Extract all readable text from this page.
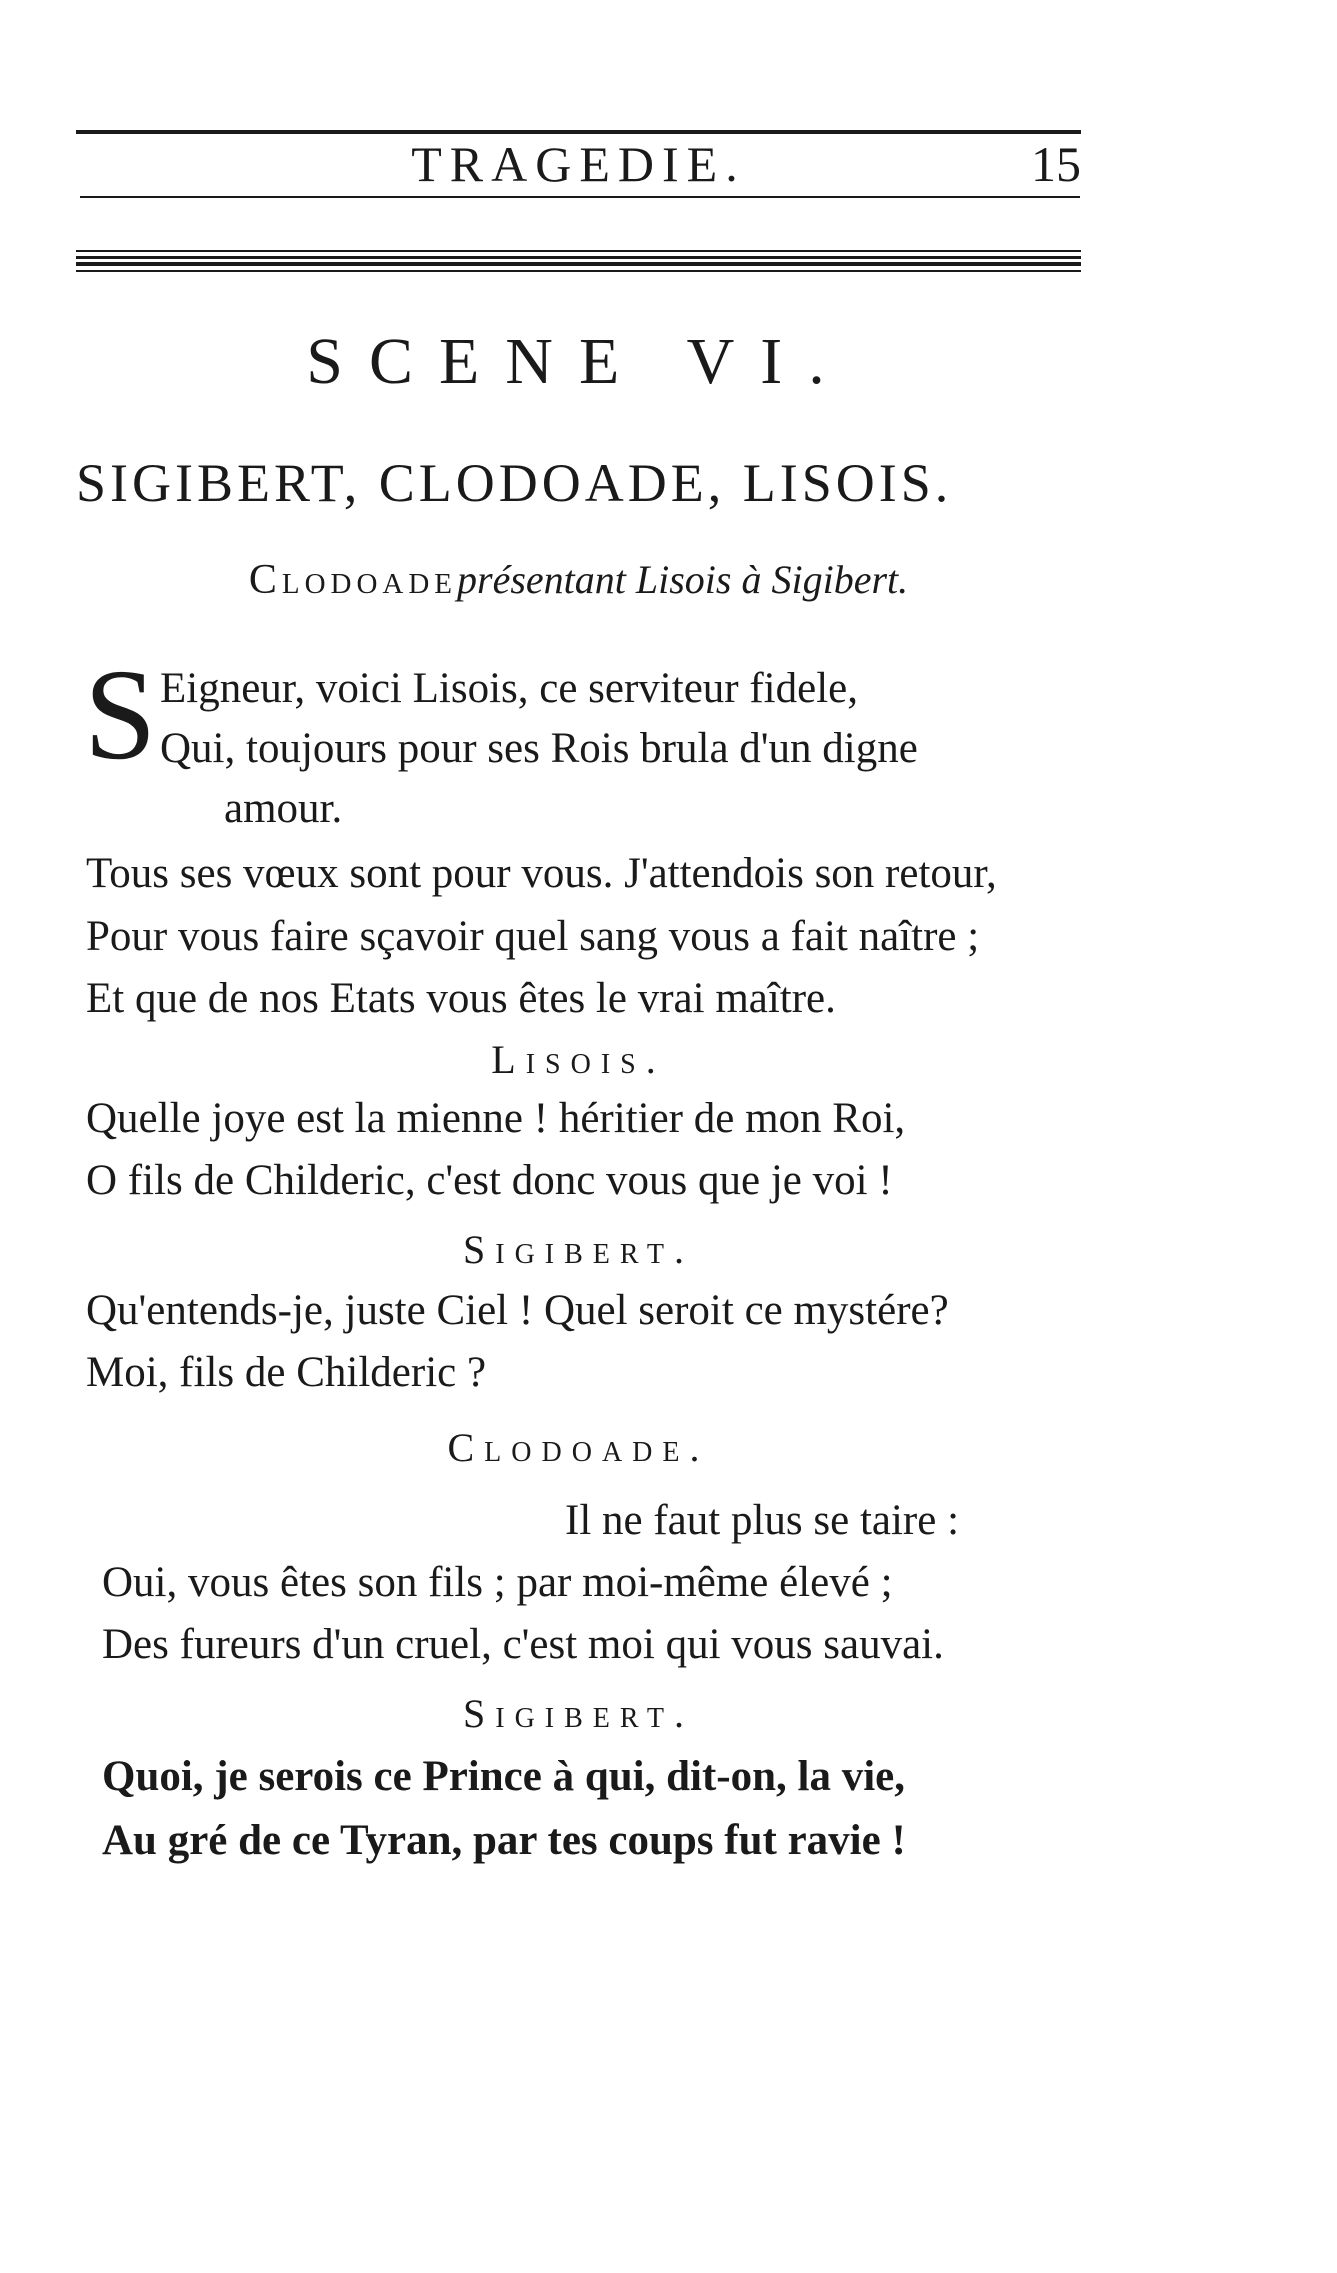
TRAGEDIE.	15
SCENE VI.
SIGIBERT, CLODOADE, LISOIS.
Clodoadeprésentant Lisois à Sigibert.
S Eigneur, voici Lisois, ce serviteur fidele,
Qui, toujours pour ses Rois brula d'un digne
amour.
Tous ses vœux sont pour vous. J'attendois son retour,
Pour vous faire sçavoir quel sang vous a fait naître ;
Et que de nos Etats vous êtes le vrai maître.
Lisois.
Quelle joye est la mienne ! héritier de mon Roi,
O fils de Childeric, c'est donc vous que je voi !
Sigibert.
Qu'entends-je, juste Ciel ! Quel seroit ce mystére?
Moi, fils de Childeric ?
Clodoade.
Il ne faut plus se taire :
Oui, vous êtes son fils ; par moi-même élevé ;
Des fureurs d'un cruel, c'est moi qui vous sauvai.
Sigibert.
Quoi, je serois ce Prince à qui, dit-on, la vie,
Au gré de ce Tyran, par tes coups fut ravie !
